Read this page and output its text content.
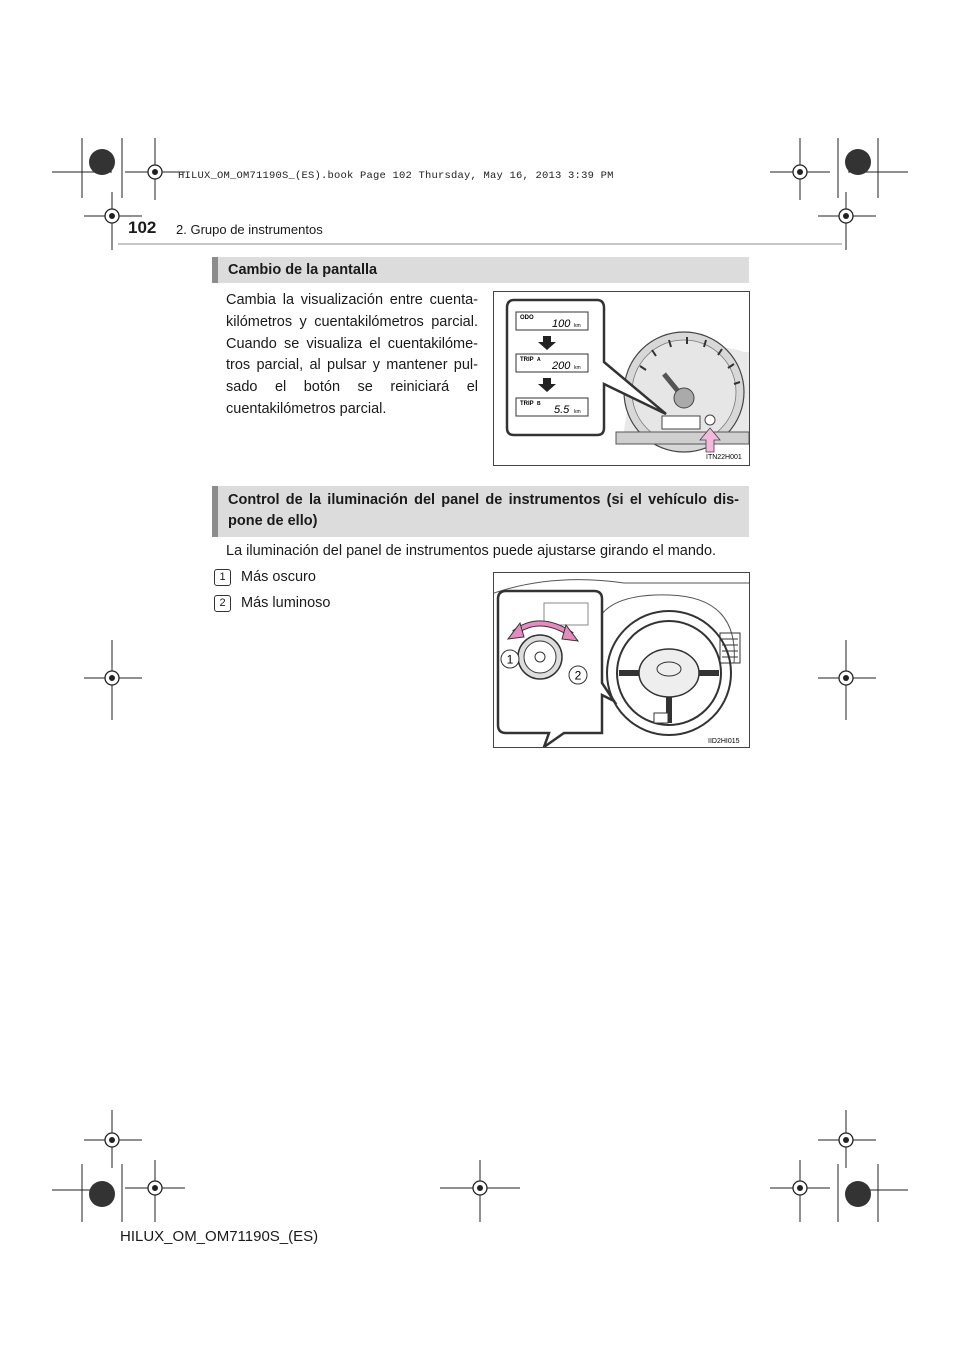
HILUX_OM_OM71190S_(ES).book Page 102 Thursday, May 16, 2013 3:39 PM
102 2. Grupo de instrumentos
Cambio de la pantalla
Cambia la visualización entre cuenta-kilómetros y cuentakilómetros parcial. Cuando se visualiza el cuentakilóme-tros parcial, al pulsar y mantener pul-sado el botón se reiniciará el cuentakilómetros parcial.
ODO 100 km
TRIP A 200 km
TRIP B 5.5 km
ITN22H001
Control de la iluminación del panel de instrumentos (si el vehículo dis-pone de ello)
La iluminación del panel de instrumentos puede ajustarse girando el mando.
1 Más oscuro
2 Más luminoso
1
2
IID2HI015
HILUX_OM_OM71190S_(ES)
